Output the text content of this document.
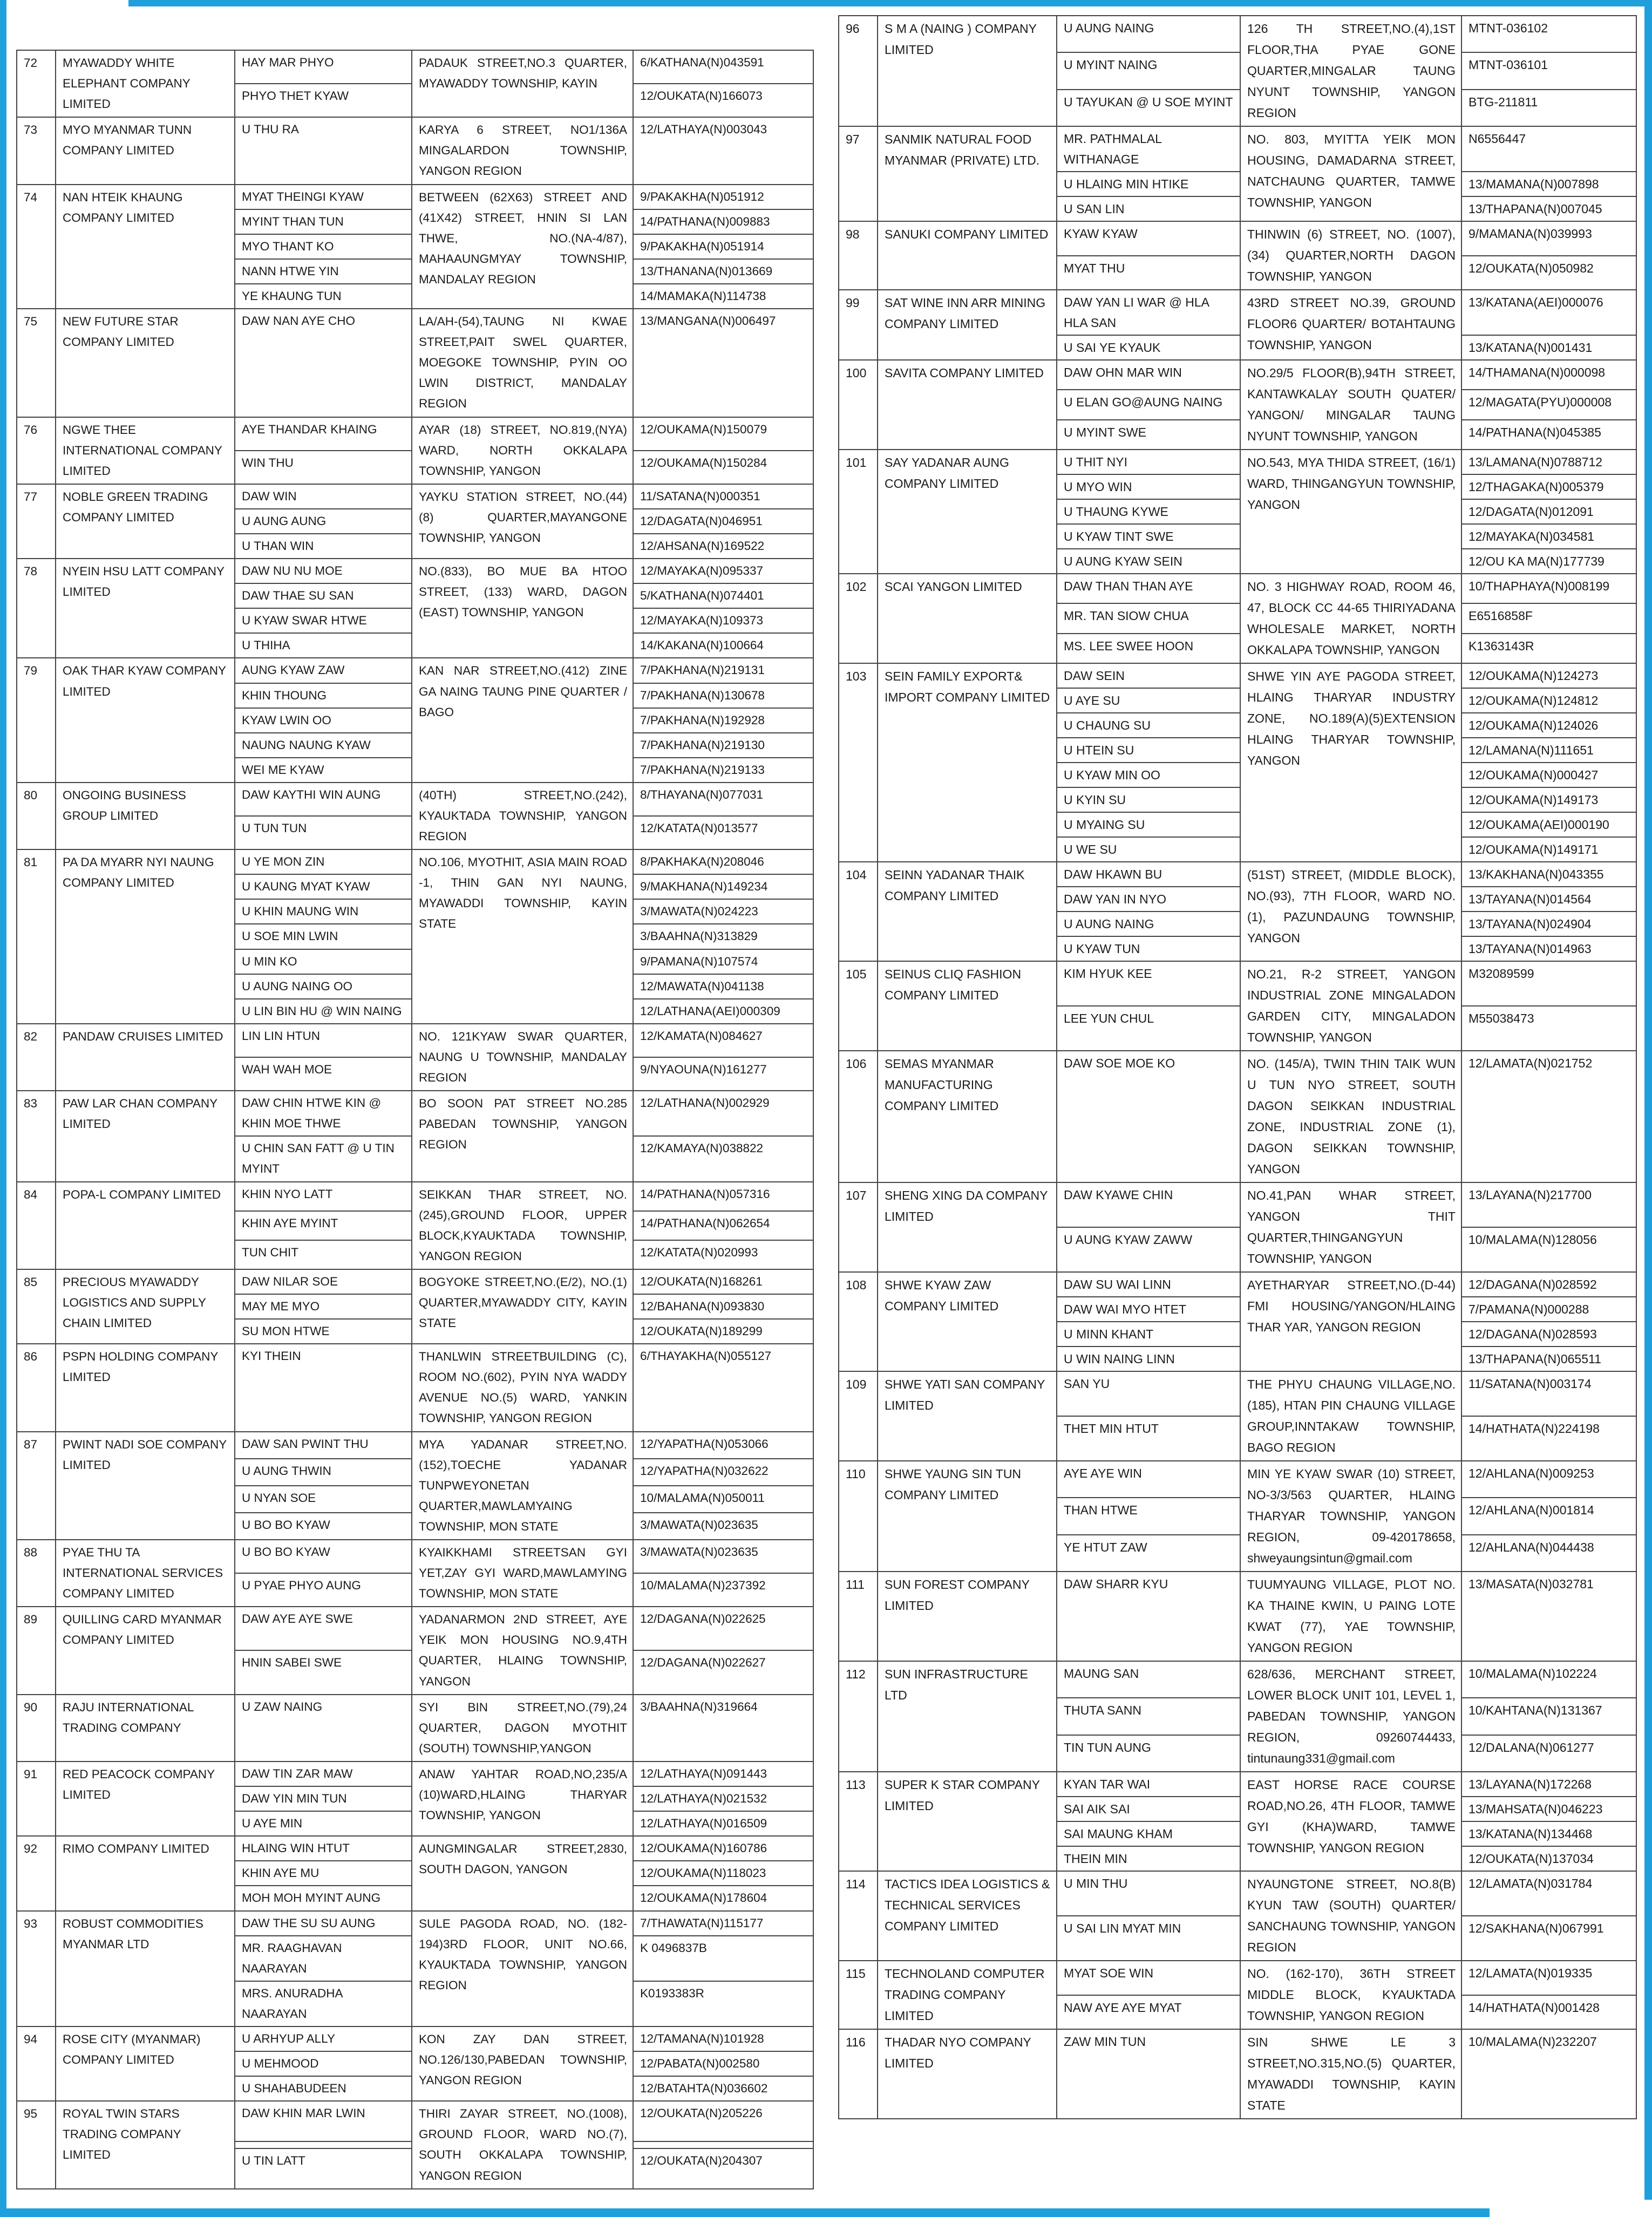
72	MYAWADDY WHITE ELEPHANT COMPANY LIMITED	HAY MAR PHYO	PADAUK STREET,NO.3 QUARTER, MYAWADDY TOWNSHIP, KAYIN	6/KATHANA(N)043591
		PHYO THET KYAW		12/OUKATA(N)166073
73	MYO MYANMAR TUNN COMPANY LIMITED	U THU RA	KARYA 6 STREET, NO1/136A MINGALARDON TOWNSHIP, YANGON REGION	12/LATHAYA(N)003043
74	NAN HTEIK KHAUNG COMPANY LIMITED	MYAT THEINGI KYAW	BETWEEN (62X63) STREET AND (41X42) STREET, HNIN SI LAN THWE, NO.(NA-4/87), MAHAAUNGMYAY TOWNSHIP, MANDALAY REGION	9/PAKAKHA(N)051912
		MYINT THAN TUN		14/PATHANA(N)009883
		MYO THANT KO		9/PAKAKHA(N)051914
		NANN HTWE YIN		13/THANANA(N)013669
		YE KHAUNG TUN		14/MAMAKA(N)114738
75	NEW FUTURE STAR COMPANY LIMITED	DAW NAN AYE CHO	LA/AH-(54),TAUNG NI KWAE STREET,PAIT SWEL QUARTER, MOEGOKE TOWNSHIP, PYIN OO LWIN DISTRICT, MANDALAY REGION	13/MANGANA(N)006497
76	NGWE THEE INTERNATIONAL COMPANY LIMITED	AYE THANDAR KHAING	AYAR (18) STREET, NO.819,(NYA) WARD, NORTH OKKALAPA TOWNSHIP, YANGON	12/OUKAMA(N)150079
		WIN THU		12/OUKAMA(N)150284
77	NOBLE GREEN TRADING COMPANY LIMITED	DAW WIN	YAYKU STATION STREET, NO.(44) (8) QUARTER,MAYANGONE TOWNSHIP, YANGON	11/SATANA(N)000351
		U AUNG AUNG		12/DAGATA(N)046951
		U THAN WIN		12/AHSANA(N)169522
78	NYEIN HSU LATT COMPANY LIMITED	DAW NU NU MOE	NO.(833), BO MUE BA HTOO STREET, (133) WARD, DAGON (EAST) TOWNSHIP, YANGON	12/MAYAKA(N)095337
		DAW THAE SU SAN		5/KATHANA(N)074401
		U KYAW SWAR HTWE		12/MAYAKA(N)109373
		U THIHA		14/KAKANA(N)100664
79	OAK THAR KYAW COMPANY LIMITED	AUNG KYAW ZAW	KAN NAR STREET,NO.(412) ZINE GA NAING TAUNG PINE QUARTER / BAGO	7/PAKHANA(N)219131
		KHIN THOUNG		7/PAKHANA(N)130678
		KYAW LWIN OO		7/PAKHANA(N)192928
		NAUNG NAUNG KYAW		7/PAKHANA(N)219130
		WEI ME KYAW		7/PAKHANA(N)219133
80	ONGOING BUSINESS GROUP LIMITED	DAW KAYTHI WIN AUNG	(40TH) STREET,NO.(242), KYAUKTADA TOWNSHIP, YANGON REGION	8/THAYANA(N)077031
		U TUN TUN		12/KATATA(N)013577
81	PA DA MYARR NYI NAUNG COMPANY LIMITED	U YE MON ZIN	NO.106, MYOTHIT, ASIA MAIN ROAD -1, THIN GAN NYI NAUNG, MYAWADDI TOWNSHIP, KAYIN STATE	8/PAKHAKA(N)208046
		U KAUNG MYAT KYAW		9/MAKHANA(N)149234
		U KHIN MAUNG WIN		3/MAWATA(N)024223
		U SOE MIN LWIN		3/BAAHNA(N)313829
		U MIN KO		9/PAMANA(N)107574
		U AUNG NAING OO		12/MAWATA(N)041138
		U LIN BIN HU @ WIN NAING		12/LATHANA(AEI)000309
82	PANDAW CRUISES LIMITED	LIN LIN HTUN	NO. 121KYAW SWAR QUARTER, NAUNG U TOWNSHIP, MANDALAY REGION	12/KAMATA(N)084627
		WAH WAH MOE		9/NYAOUNA(N)161277
83	PAW LAR CHAN COMPANY LIMITED	DAW CHIN HTWE KIN @ KHIN MOE THWE	BO SOON PAT STREET NO.285 PABEDAN TOWNSHIP, YANGON REGION	12/LATHANA(N)002929
		U CHIN SAN FATT @ U TIN MYINT		12/KAMAYA(N)038822
84	POPA-L COMPANY LIMITED	KHIN NYO LATT	SEIKKAN THAR STREET, NO.(245),GROUND FLOOR, UPPER BLOCK,KYAUKTADA TOWNSHIP, YANGON REGION	14/PATHANA(N)057316
		KHIN AYE MYINT		14/PATHANA(N)062654
		TUN CHIT		12/KATATA(N)020993
85	PRECIOUS MYAWADDY LOGISTICS AND SUPPLY CHAIN LIMITED	DAW NILAR SOE	BOGYOKE STREET,NO.(E/2), NO.(1) QUARTER,MYAWADDY CITY, KAYIN STATE	12/OUKATA(N)168261
		MAY ME MYO		12/BAHANA(N)093830
		SU MON HTWE		12/OUKATA(N)189299
86	PSPN HOLDING COMPANY LIMITED	KYI THEIN	THANLWIN STREETBUILDING (C), ROOM NO.(602), PYIN NYA WADDY AVENUE NO.(5) WARD, YANKIN TOWNSHIP, YANGON REGION	6/THAYAKHA(N)055127
87	PWINT NADI SOE COMPANY LIMITED	DAW SAN PWINT THU	MYA YADANAR STREET,NO.(152),TOECHE YADANAR TUNPWEYONETAN QUARTER,MAWLAMYAING TOWNSHIP, MON STATE	12/YAPATHA(N)053066
		U AUNG THWIN		12/YAPATHA(N)032622
		U NYAN SOE		10/MALAMA(N)050011
		U BO BO KYAW		3/MAWATA(N)023635
88	PYAE THU TA INTERNATIONAL SERVICES COMPANY LIMITED	U BO BO KYAW	KYAIKKHAMI STREETSAN GYI YET,ZAY GYI WARD,MAWLAMYING TOWNSHIP, MON STATE	3/MAWATA(N)023635
		U PYAE PHYO AUNG		10/MALAMA(N)237392
89	QUILLING CARD MYANMAR COMPANY LIMITED	DAW AYE AYE SWE	YADANARMON 2ND STREET, AYE YEIK MON HOUSING NO.9,4TH QUARTER, HLAING TOWNSHIP, YANGON	12/DAGANA(N)022625
		HNIN SABEI SWE		12/DAGANA(N)022627
90	RAJU INTERNATIONAL TRADING COMPANY	U ZAW NAING	SYI BIN STREET,NO.(79),24 QUARTER, DAGON MYOTHIT (SOUTH) TOWNSHIP,YANGON	3/BAAHNA(N)319664
91	RED PEACOCK COMPANY LIMITED	DAW TIN ZAR MAW	ANAW YAHTAR ROAD,NO,235/A (10)WARD,HLAING THARYAR TOWNSHIP, YANGON	12/LATHAYA(N)091443
		DAW YIN MIN TUN		12/LATHAYA(N)021532
		U AYE MIN		12/LATHAYA(N)016509
92	RIMO COMPANY LIMITED	HLAING WIN HTUT	AUNGMINGALAR STREET,2830, SOUTH DAGON, YANGON	12/OUKAMA(N)160786
		KHIN AYE MU		12/OUKAMA(N)118023
		MOH MOH MYINT AUNG		12/OUKAMA(N)178604
93	ROBUST COMMODITIES MYANMAR LTD	DAW THE SU SU AUNG	SULE PAGODA ROAD, NO. (182-194)3RD FLOOR, UNIT NO.66, KYAUKTADA TOWNSHIP, YANGON REGION	7/THAWATA(N)115177
		MR. RAAGHAVAN NAARAYAN		K 0496837B
		MRS. ANURADHA NAARAYAN		K0193383R
94	ROSE CITY (MYANMAR) COMPANY LIMITED	U ARHYUP ALLY	KON ZAY DAN STREET, NO.126/130,PABEDAN TOWNSHIP, YANGON REGION	12/TAMANA(N)101928
		U MEHMOOD		12/PABATA(N)002580
		U SHAHABUDEEN		12/BATAHTA(N)036602
95	ROYAL TWIN STARS TRADING COMPANY LIMITED	DAW KHIN MAR LWIN	THIRI ZAYAR STREET, NO.(1008), GROUND FLOOR, WARD NO.(7), SOUTH OKKALAPA TOWNSHIP, YANGON REGION	12/OUKATA(N)205226

		U TIN LATT		12/OUKATA(N)204307
96	S M A (NAING ) COMPANY LIMITED	U AUNG NAING	126 TH STREET,NO.(4),1ST FLOOR,THA PYAE GONE QUARTER,MINGALAR TAUNG NYUNT TOWNSHIP, YANGON REGION	MTNT-036102
		U MYINT NAING		MTNT-036101
		U TAYUKAN @ U SOE MYINT		BTG-211811
97	SANMIK NATURAL FOOD MYANMAR (PRIVATE) LTD.	MR. PATHMALAL WITHANAGE	NO. 803, MYITTA YEIK MON HOUSING, DAMADARNA STREET, NATCHAUNG QUARTER, TAMWE TOWNSHIP, YANGON	N6556447
		U HLAING MIN HTIKE		13/MAMANA(N)007898
		U SAN LIN		13/THAPANA(N)007045
98	SANUKI COMPANY LIMITED	KYAW KYAW	THINWIN (6) STREET, NO. (1007),(34) QUARTER,NORTH DAGON TOWNSHIP, YANGON	9/MAMANA(N)039993
		MYAT THU		12/OUKATA(N)050982
99	SAT WINE INN ARR MINING COMPANY LIMITED	DAW YAN LI WAR @ HLA HLA SAN	43RD STREET NO.39, GROUND FLOOR6 QUARTER/ BOTAHTAUNG TOWNSHIP, YANGON	13/KATANA(AEI)000076
		U SAI YE KYAUK		13/KATANA(N)001431
100	SAVITA COMPANY LIMITED	DAW OHN MAR WIN	NO.29/5 FLOOR(B),94TH STREET, KANTAWKALAY SOUTH QUATER/ YANGON/ MINGALAR TAUNG NYUNT TOWNSHIP, YANGON	14/THAMANA(N)000098
		U ELAN GO@AUNG NAING		12/MAGATA(PYU)000008
		U MYINT SWE		14/PATHANA(N)045385
101	SAY YADANAR AUNG COMPANY LIMITED	U THIT NYI	NO.543, MYA THIDA STREET, (16/1) WARD, THINGANGYUN TOWNSHIP, YANGON	13/LAMANA(N)0788712
		U MYO WIN		12/THAGAKA(N)005379
		U THAUNG KYWE		12/DAGATA(N)012091
		U KYAW TINT SWE		12/MAYAKA(N)034581
		U AUNG KYAW SEIN		12/OU KA MA(N)177739
102	SCAI YANGON LIMITED	DAW THAN THAN AYE	NO. 3 HIGHWAY ROAD, ROOM 46, 47, BLOCK CC 44-65 THIRIYADANA WHOLESALE MARKET, NORTH OKKALAPA TOWNSHIP, YANGON	10/THAPHAYA(N)008199
		MR. TAN SIOW CHUA		E6516858F
		MS. LEE SWEE HOON		K1363143R
103	SEIN FAMILY EXPORT& IMPORT COMPANY LIMITED	DAW SEIN	SHWE YIN AYE PAGODA STREET, HLAING THARYAR INDUSTRY ZONE, NO.189(A)(5)EXTENSION HLAING THARYAR TOWNSHIP, YANGON	12/OUKAMA(N)124273
		U AYE SU		12/OUKAMA(N)124812
		U CHAUNG SU		12/OUKAMA(N)124026
		U HTEIN SU		12/LAMANA(N)111651
		U KYAW MIN OO		12/OUKAMA(N)000427
		U KYIN SU		12/OUKAMA(N)149173
		U MYAING SU		12/OUKAMA(AEI)000190
		U WE SU		12/OUKAMA(N)149171
104	SEINN YADANAR THAIK COMPANY LIMITED	DAW HKAWN BU	(51ST) STREET, (MIDDLE BLOCK), NO.(93), 7TH FLOOR, WARD NO.(1), PAZUNDAUNG TOWNSHIP, YANGON	13/KAKHANA(N)043355
		DAW YAN IN NYO		13/TAYANA(N)014564
		U AUNG NAING		13/TAYANA(N)024904
		U KYAW TUN		13/TAYANA(N)014963
105	SEINUS CLIQ FASHION COMPANY LIMITED	KIM HYUK KEE	NO.21, R-2 STREET, YANGON INDUSTRIAL ZONE MINGALADON GARDEN CITY, MINGALADON TOWNSHIP, YANGON	M32089599
		LEE YUN CHUL		M55038473
106	SEMAS MYANMAR MANUFACTURING COMPANY LIMITED	DAW SOE MOE KO	NO. (145/A), TWIN THIN TAIK WUN U TUN NYO STREET, SOUTH DAGON SEIKKAN INDUSTRIAL ZONE, INDUSTRIAL ZONE (1), DAGON SEIKKAN TOWNSHIP, YANGON	12/LAMATA(N)021752
107	SHENG XING DA COMPANY LIMITED	DAW KYAWE CHIN	NO.41,PAN WHAR STREET, YANGON THIT QUARTER,THINGANGYUN TOWNSHIP, YANGON	13/LAYANA(N)217700
		U AUNG KYAW ZAWW		10/MALAMA(N)128056
108	SHWE KYAW ZAW COMPANY LIMITED	DAW SU WAI LINN	AYETHARYAR STREET,NO.(D-44) FMI HOUSING/YANGON/HLAING THAR YAR, YANGON REGION	12/DAGANA(N)028592
		DAW WAI MYO HTET		7/PAMANA(N)000288
		U MINN KHANT		12/DAGANA(N)028593
		U WIN NAING LINN		13/THAPANA(N)065511
109	SHWE YATI SAN COMPANY LIMITED	SAN YU	THE PHYU CHAUNG VILLAGE,NO.(185), HTAN PIN CHAUNG VILLAGE GROUP,INNTAKAW TOWNSHIP, BAGO REGION	11/SATANA(N)003174
		THET MIN HTUT		14/HATHATA(N)224198
110	SHWE YAUNG SIN TUN COMPANY LIMITED	AYE AYE WIN	MIN YE KYAW SWAR (10) STREET, NO-3/3/563 QUARTER, HLAING THARYAR TOWNSHIP, YANGON REGION, 09-420178658, shweyaungsintun@gmail.com	12/AHLANA(N)009253
		THAN HTWE		12/AHLANA(N)001814
		YE HTUT ZAW		12/AHLANA(N)044438
111	SUN FOREST COMPANY LIMITED	DAW SHARR KYU	TUUMYAUNG VILLAGE, PLOT NO. KA THAINE KWIN, U PAING LOTE KWAT (77), YAE TOWNSHIP, YANGON REGION	13/MASATA(N)032781
112	SUN INFRASTRUCTURE LTD	MAUNG SAN	628/636, MERCHANT STREET, LOWER BLOCK UNIT 101, LEVEL 1, PABEDAN TOWNSHIP, YANGON REGION, 09260744433, tintunaung331@gmail.com	10/MALAMA(N)102224
		THUTA SANN		10/KAHTANA(N)131367
		TIN TUN AUNG		12/DALANA(N)061277
113	SUPER K STAR COMPANY LIMITED	KYAN TAR WAI	EAST HORSE RACE COURSE ROAD,NO.26, 4TH FLOOR, TAMWE GYI (KHA)WARD, TAMWE TOWNSHIP, YANGON REGION	13/LAYANA(N)172268
		SAI AIK SAI		13/MAHSATA(N)046223
		SAI MAUNG KHAM		13/KATANA(N)134468
		THEIN MIN		12/OUKATA(N)137034
114	TACTICS IDEA LOGISTICS & TECHNICAL SERVICES COMPANY LIMITED	U MIN THU	NYAUNGTONE STREET, NO.8(B) KYUN TAW (SOUTH) QUARTER/ SANCHAUNG TOWNSHIP, YANGON REGION	12/LAMATA(N)031784
		U SAI LIN MYAT MIN		12/SAKHANA(N)067991
115	TECHNOLAND COMPUTER TRADING COMPANY LIMITED	MYAT SOE WIN	NO. (162-170), 36TH STREET MIDDLE BLOCK, KYAUKTADA TOWNSHIP, YANGON REGION	12/LAMATA(N)019335
		NAW AYE AYE MYAT		14/HATHATA(N)001428
116	THADAR NYO COMPANY LIMITED	ZAW MIN TUN	SIN SHWE LE 3 STREET,NO.315,NO.(5) QUARTER, MYAWADDI TOWNSHIP, KAYIN STATE	10/MALAMA(N)232207
